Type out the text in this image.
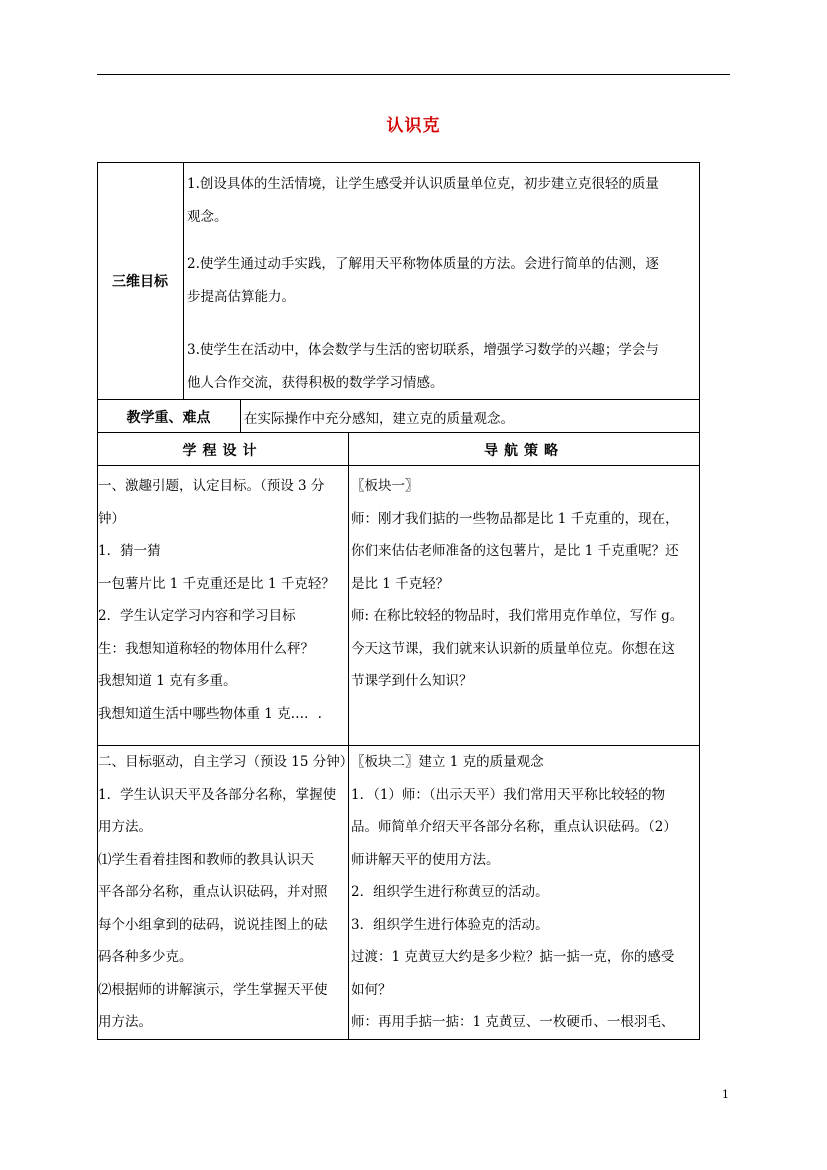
认识克
三维目标
1.创设具体的生活情境，让学生感受并认识质量单位克，初步建立克很轻的质量
观念。
2.使学生通过动手实践，了解用天平称物体质量的方法。会进行简单的估测，逐
步提高估算能力。
3.使学生在活动中，体会数学与生活的密切联系，增强学习数学的兴趣；学会与
他人合作交流，获得积极的数学学习情感。
教学重、难点	在实际操作中充分感知，建立克的质量观念。
学程设计	导航策略
一、激趣引题，认定目标。（预设 3 分
钟）
1．猜一猜
一包薯片比 1 千克重还是比 1 千克轻？
2．学生认定学习内容和学习目标
生：我想知道称轻的物体用什么秤？
我想知道 1 克有多重。
我想知道生活中哪些物体重 1 克…．.
〖板块一〗
师：刚才我们掂的一些物品都是比 1 千克重的，现在，
你们来估估老师准备的这包薯片，是比 1 千克重呢？还
是比 1 千克轻？
师: 在称比较轻的物品时，我们常用克作单位，写作 g。
今天这节课，我们就来认识新的质量单位克。你想在这
节课学到什么知识？
二、目标驱动，自主学习（预设 15 分钟）
1．学生认识天平及各部分名称，掌握使
用方法。
⑴学生看着挂图和教师的教具认识天
平各部分名称，重点认识砝码，并对照
每个小组拿到的砝码，说说挂图上的砝
码各种多少克。
⑵根据师的讲解演示，学生掌握天平使
用方法。
〖板块二〗建立 1 克的质量观念
1．（1）师：（出示天平）我们常用天平称比较轻的物
品。师简单介绍天平各部分名称，重点认识砝码。（2）
师讲解天平的使用方法。
2．组织学生进行称黄豆的活动。
3．组织学生进行体验克的活动。
过渡：1 克黄豆大约是多少粒？掂一掂一克，你的感受
如何？
师：再用手掂一掂：1 克黄豆、一枚硬币、一根羽毛、
1
